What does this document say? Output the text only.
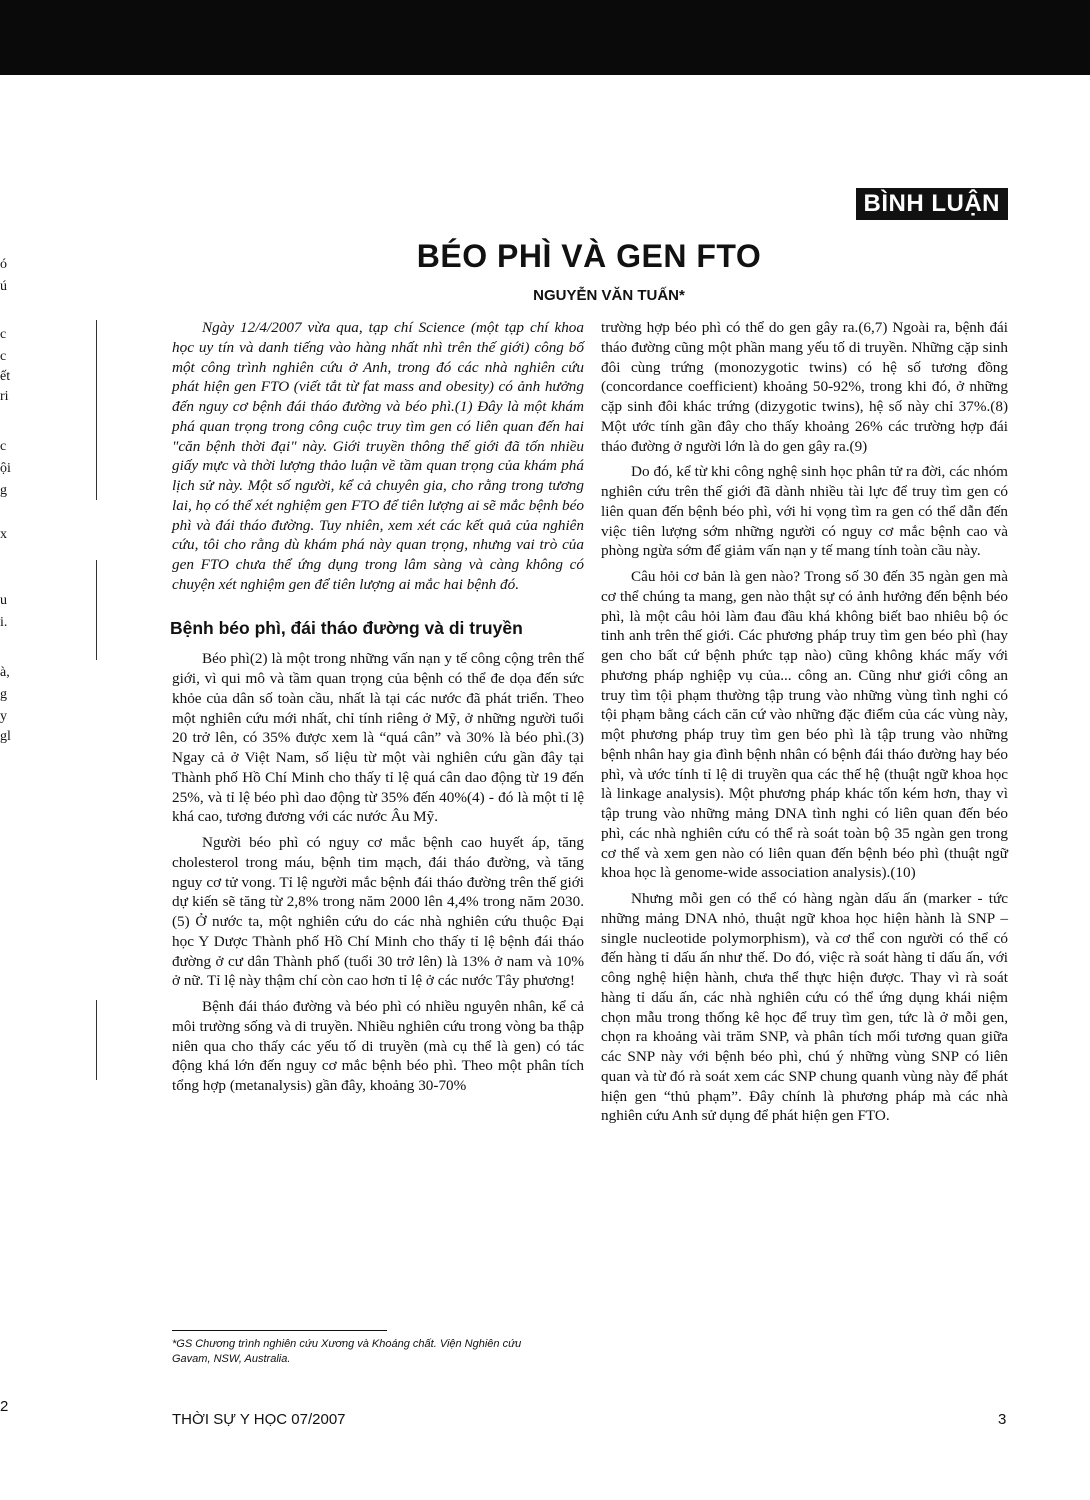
ó
ú
c
c
ết
ri
c
ội
g
x
u
i.
à,
g
y
gl
BÌNH LUẬN
BÉO PHÌ VÀ GEN FTO
NGUYỄN VĂN TUẤN*

Ngày 12/4/2007 vừa qua, tạp chí Science (một tạp chí khoa học uy tín và danh tiếng vào hàng nhất nhì trên thế giới) công bố một công trình nghiên cứu ở Anh, trong đó các nhà nghiên cứu phát hiện gen FTO (viết tắt từ fat mass and obesity) có ảnh hưởng đến nguy cơ bệnh đái tháo đường và béo phì.(1) Đây là một khám phá quan trọng trong công cuộc truy tìm gen có liên quan đến hai "căn bệnh thời đại" này. Giới truyền thông thế giới đã tốn nhiều giấy mực và thời lượng thảo luận về tầm quan trọng của khám phá lịch sử này. Một số người, kể cả chuyên gia, cho rằng trong tương lai, họ có thể xét nghiệm gen FTO để tiên lượng ai sẽ mắc bệnh béo phì và đái tháo đường. Tuy nhiên, xem xét các kết quả của nghiên cứu, tôi cho rằng dù khám phá này quan trọng, nhưng vai trò của gen FTO chưa thể ứng dụng trong lâm sàng và càng không có chuyện xét nghiệm gen để tiên lượng ai mắc hai bệnh đó.

Bệnh béo phì, đái tháo đường và di truyền

Béo phì(2) là một trong những vấn nạn y tế công cộng trên thế giới, vì qui mô và tầm quan trọng của bệnh có thể đe dọa đến sức khỏe của dân số toàn cầu, nhất là tại các nước đã phát triển. Theo một nghiên cứu mới nhất, chỉ tính riêng ở Mỹ, ở những người tuổi 20 trở lên, có 35% được xem là “quá cân” và 30% là béo phì.(3) Ngay cả ở Việt Nam, số liệu từ một vài nghiên cứu gần đây tại Thành phố Hồ Chí Minh cho thấy tỉ lệ quá cân dao động từ 19 đến 25%, và tỉ lệ béo phì dao động từ 35% đến 40%(4) - đó là một tỉ lệ khá cao, tương đương với các nước Âu Mỹ.

Người béo phì có nguy cơ mắc bệnh cao huyết áp, tăng cholesterol trong máu, bệnh tim mạch, đái tháo đường, và tăng nguy cơ tử vong. Tỉ lệ người mắc bệnh đái tháo đường trên thế giới dự kiến sẽ tăng từ 2,8% trong năm 2000 lên 4,4% trong năm 2030.(5) Ở nước ta, một nghiên cứu do các nhà nghiên cứu thuộc Đại học Y Dược Thành phố Hồ Chí Minh cho thấy tỉ lệ bệnh đái tháo đường ở cư dân Thành phố (tuổi 30 trở lên) là 13% ở nam và 10% ở nữ. Tỉ lệ này thậm chí còn cao hơn tỉ lệ ở các nước Tây phương!

Bệnh đái tháo đường và béo phì có nhiều nguyên nhân, kể cả môi trường sống và di truyền. Nhiều nghiên cứu trong vòng ba thập niên qua cho thấy các yếu tố di truyền (mà cụ thể là gen) có tác động khá lớn đến nguy cơ mắc bệnh béo phì. Theo một phân tích tổng hợp (metanalysis) gần đây, khoảng 30-70%

trường hợp béo phì có thể do gen gây ra.(6,7) Ngoài ra, bệnh đái tháo đường cũng một phần mang yếu tố di truyền. Những cặp sinh đôi cùng trứng (monozygotic twins) có hệ số tương đồng (concordance coefficient) khoảng 50-92%, trong khi đó, ở những cặp sinh đôi khác trứng (dizygotic twins), hệ số này chỉ 37%.(8) Một ước tính gần đây cho thấy khoảng 26% các trường hợp đái tháo đường ở người lớn là do gen gây ra.(9)

Do đó, kể từ khi công nghệ sinh học phân tử ra đời, các nhóm nghiên cứu trên thế giới đã dành nhiều tài lực để truy tìm gen có liên quan đến bệnh béo phì, với hi vọng tìm ra gen có thể dẫn đến việc tiên lượng sớm những người có nguy cơ mắc bệnh cao và phòng ngừa sớm để giảm vấn nạn y tế mang tính toàn cầu này.

Câu hỏi cơ bản là gen nào? Trong số 30 đến 35 ngàn gen mà cơ thể chúng ta mang, gen nào thật sự có ảnh hưởng đến bệnh béo phì, là một câu hỏi làm đau đầu khá không biết bao nhiêu bộ óc tinh anh trên thế giới. Các phương pháp truy tìm gen béo phì (hay gen cho bất cứ bệnh phức tạp nào) cũng không khác mấy với phương pháp nghiệp vụ của... công an. Cũng như giới công an truy tìm tội phạm thường tập trung vào những vùng tình nghi có tội phạm bằng cách căn cứ vào những đặc điểm của các vùng này, một phương pháp truy tìm gen béo phì là tập trung vào những bệnh nhân hay gia đình bệnh nhân có bệnh đái tháo đường hay béo phì, và ước tính tỉ lệ di truyền qua các thế hệ (thuật ngữ khoa học là linkage analysis). Một phương pháp khác tốn kém hơn, thay vì tập trung vào những mảng DNA tình nghi có liên quan đến béo phì, các nhà nghiên cứu có thể rà soát toàn bộ 35 ngàn gen trong cơ thể và xem gen nào có liên quan đến bệnh béo phì (thuật ngữ khoa học là genome-wide association analysis).(10)

Nhưng mỗi gen có thể có hàng ngàn dấu ấn (marker - tức những mảng DNA nhỏ, thuật ngữ khoa học hiện hành là SNP – single nucleotide polymorphism), và cơ thể con người có thể có đến hàng tỉ dấu ấn như thế. Do đó, việc rà soát hàng tỉ dấu ấn, với công nghệ hiện hành, chưa thể thực hiện được. Thay vì rà soát hàng tỉ dấu ấn, các nhà nghiên cứu có thể ứng dụng khái niệm chọn mẫu trong thống kê học để truy tìm gen, tức là ở mỗi gen, chọn ra khoảng vài trăm SNP, và phân tích mối tương quan giữa các SNP này với bệnh béo phì, chú ý những vùng SNP có liên quan và từ đó rà soát xem các SNP chung quanh vùng này để phát hiện gen “thủ phạm”. Đây chính là phương pháp mà các nhà nghiên cứu Anh sử dụng để phát hiện gen FTO.

*GS Chương trình nghiên cứu Xương và Khoáng chất. Viện Nghiên cứu Gavam, NSW, Australia.
2
THỜI SỰ Y HỌC 07/2007	3
